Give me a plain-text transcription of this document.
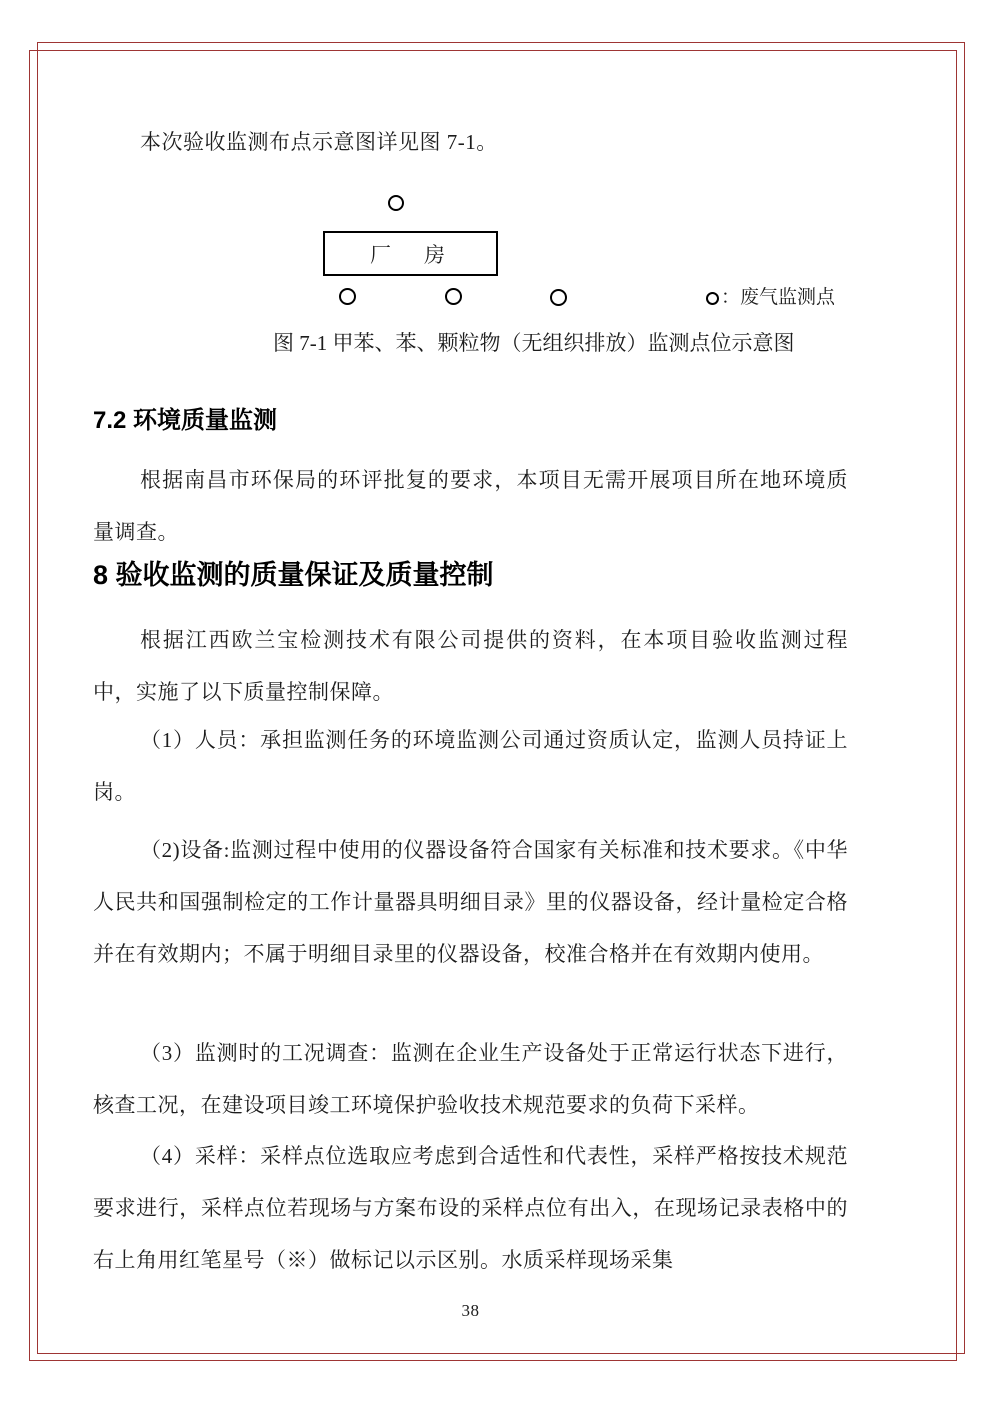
本次验收监测布点示意图详见图 7-1。
厂　房
：废气监测点
图 7-1 甲苯、苯、颗粒物（无组织排放）监测点位示意图
7.2 环境质量监测
根据南昌市环保局的环评批复的要求，本项目无需开展项目所在地环境质量调查。
8 验收监测的质量保证及质量控制
根据江西欧兰宝检测技术有限公司提供的资料，在本项目验收监测过程中，实施了以下质量控制保障。
（1）人员：承担监测任务的环境监测公司通过资质认定，监测人员持证上岗。
（2)设备:监测过程中使用的仪器设备符合国家有关标准和技术要求。《中华人民共和国强制检定的工作计量器具明细目录》里的仪器设备，经计量检定合格并在有效期内；不属于明细目录里的仪器设备，校准合格并在有效期内使用。
（3）监测时的工况调查：监测在企业生产设备处于正常运行状态下进行，核查工况，在建设项目竣工环境保护验收技术规范要求的负荷下采样。
（4）采样：采样点位选取应考虑到合适性和代表性，采样严格按技术规范要求进行，采样点位若现场与方案布设的采样点位有出入，在现场记录表格中的右上角用红笔星号（※）做标记以示区别。水质采样现场采集
38
